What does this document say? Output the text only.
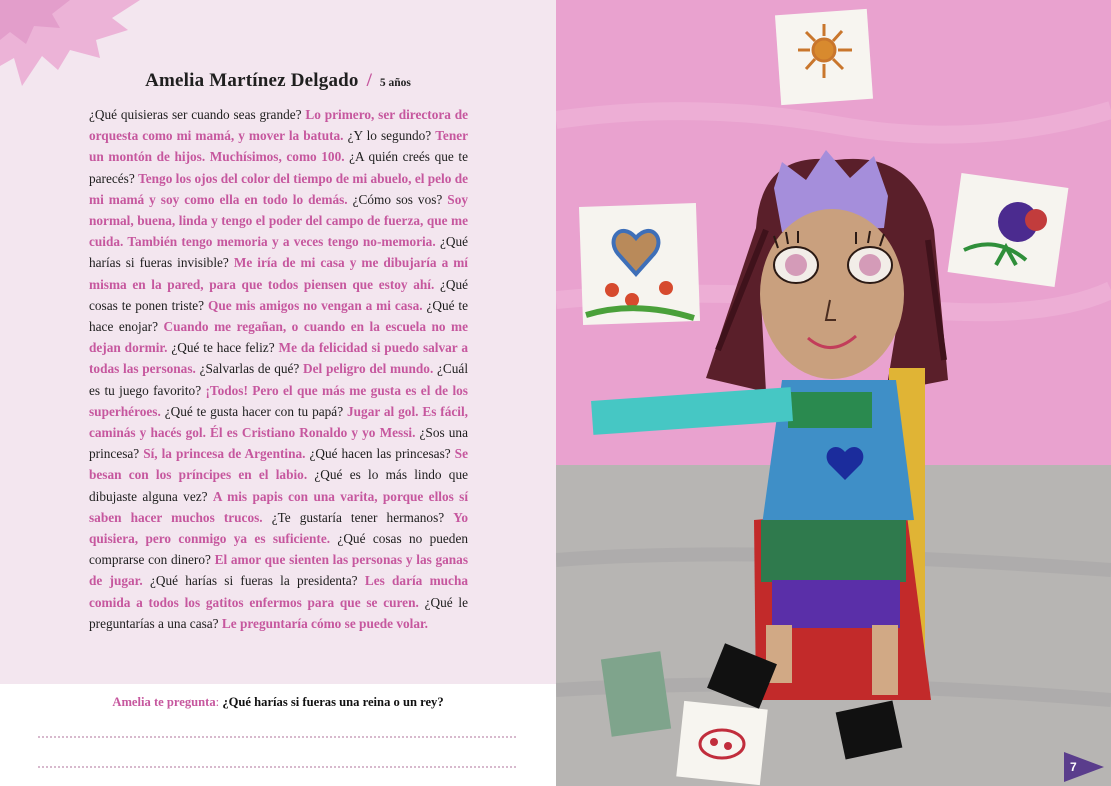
Amelia Martínez Delgado / 5 años

¿Qué quisieras ser cuando seas grande? Lo primero, ser directora de orquesta como mi mamá, y mover la batuta. ¿Y lo segundo? Tener un montón de hijos. Muchísimos, como 100. ¿A quién creés que te parecés? Tengo los ojos del color del tiempo de mi abuelo, el pelo de mi mamá y soy como ella en todo lo demás. ¿Cómo sos vos? Soy normal, buena, linda y tengo el poder del campo de fuerza, que me cuida. También tengo memoria y a veces tengo no-memoria. ¿Qué harías si fueras invisible? Me iría de mi casa y me dibujaría a mí misma en la pared, para que todos piensen que estoy ahí. ¿Qué cosas te ponen triste? Que mis amigos no vengan a mi casa. ¿Qué te hace enojar? Cuando me regañan, o cuando en la escuela no me dejan dormir. ¿Qué te hace feliz? Me da felicidad si puedo salvar a todas las personas. ¿Salvarlas de qué? Del peligro del mundo. ¿Cuál es tu juego favorito? ¡Todos! Pero el que más me gusta es el de los superhéroes. ¿Qué te gusta hacer con tu papá? Jugar al gol. Es fácil, caminás y hacés gol. Él es Cristiano Ronaldo y yo Messi. ¿Sos una princesa? Sí, la princesa de Argentina. ¿Qué hacen las princesas? Se besan con los príncipes en el labio. ¿Qué es lo más lindo que dibujaste alguna vez? A mis papis con una varita, porque ellos sí saben hacer muchos trucos. ¿Te gustaría tener hermanos? Yo quisiera, pero conmigo ya es suficiente. ¿Qué cosas no pueden comprarse con dinero? El amor que sienten las personas y las ganas de jugar. ¿Qué harías si fueras la presidenta? Les daría mucha comida a todos los gatitos enfermos para que se curen. ¿Qué le preguntarías a una casa? Le preguntaría cómo se puede volar.

Amelia te pregunta: ¿Qué harías si fueras una reina o un rey?
7
